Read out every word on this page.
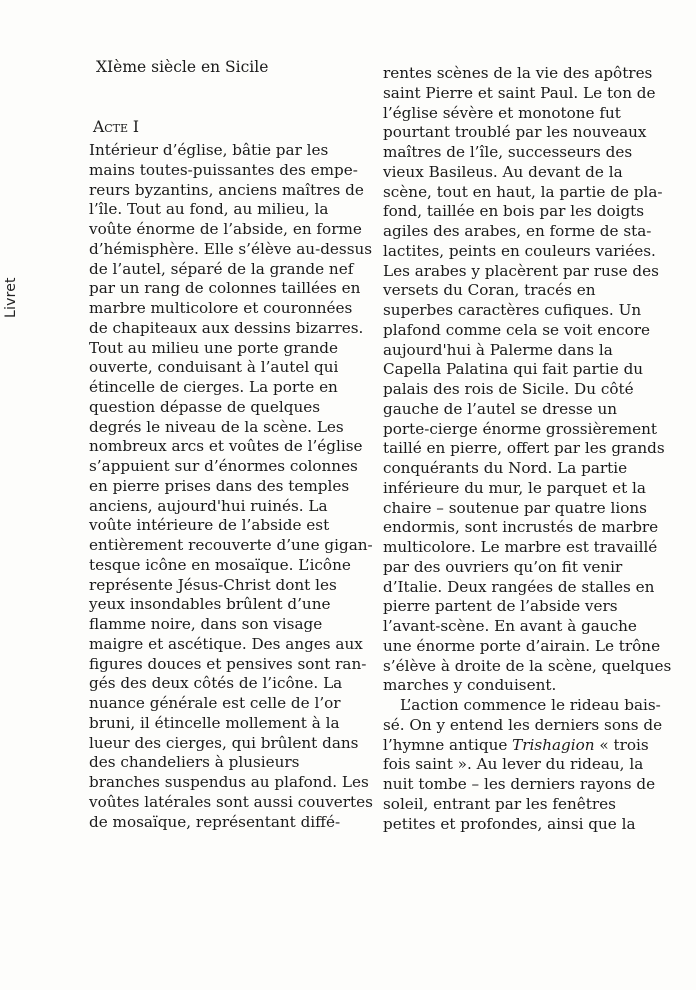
Livret
XIème siècle en Sicile
Acte I
Intérieur d’église, bâtie par les
mains toutes-puissantes des empe-
reurs byzantins, anciens maîtres de
l’île. Tout au fond, au milieu, la
voûte énorme de l’abside, en forme
d’hémisphère. Elle s’élève au-dessus
de l’autel, séparé de la grande nef
par un rang de colonnes taillées en
marbre multicolore et couronnées
de chapiteaux aux dessins bizarres.
Tout au milieu une porte grande
ouverte, conduisant à l’autel qui
étincelle de cierges. La porte en
question dépasse de quelques
degrés le niveau de la scène. Les
nombreux arcs et voûtes de l’église
s’appuient sur d’énormes colonnes
en pierre prises dans des temples
anciens, aujourd'hui ruinés. La
voûte intérieure de l’abside est
entièrement recouverte d’une gigan-
tesque icône en mosaïque. L’icône
représente Jésus-Christ dont les
yeux insondables brûlent d’une
flamme noire, dans son visage
maigre et ascétique. Des anges aux
figures douces et pensives sont ran-
gés des deux côtés de l’icône. La
nuance générale est celle de l’or
bruni, il étincelle mollement à la
lueur des cierges, qui brûlent dans
des chandeliers à plusieurs
branches suspendus au plafond. Les
voûtes latérales sont aussi couvertes
de mosaïque, représentant diffé-
rentes scènes de la vie des apôtres
saint Pierre et saint Paul. Le ton de
l’église sévère et monotone fut
pourtant troublé par les nouveaux
maîtres de l’île, successeurs des
vieux Basileus. Au devant de la
scène, tout en haut, la partie de pla-
fond, taillée en bois par les doigts
agiles des arabes, en forme de sta-
lactites, peints en couleurs variées.
Les arabes y placèrent par ruse des
versets du Coran, tracés en
superbes caractères cufiques. Un
plafond comme cela se voit encore
aujourd'hui à Palerme dans la
Capella Palatina qui fait partie du
palais des rois de Sicile. Du côté
gauche de l’autel se dresse un
porte-cierge énorme grossièrement
taillé en pierre, offert par les grands
conquérants du Nord. La partie
inférieure du mur, le parquet et la
chaire – soutenue par quatre lions
endormis, sont incrustés de marbre
multicolore. Le marbre est travaillé
par des ouvriers qu’on fit venir
d’Italie. Deux rangées de stalles en
pierre partent de l’abside vers
l’avant-scène. En avant à gauche
une énorme porte d’airain. Le trône
s’élève à droite de la scène, quelques
marches y conduisent.
L’action commence le rideau bais-
sé. On y entend les derniers sons de
l’hymne antique Trishagion « trois
fois saint ». Au lever du rideau, la
nuit tombe – les derniers rayons de
soleil, entrant par les fenêtres
petites et profondes, ainsi que la
